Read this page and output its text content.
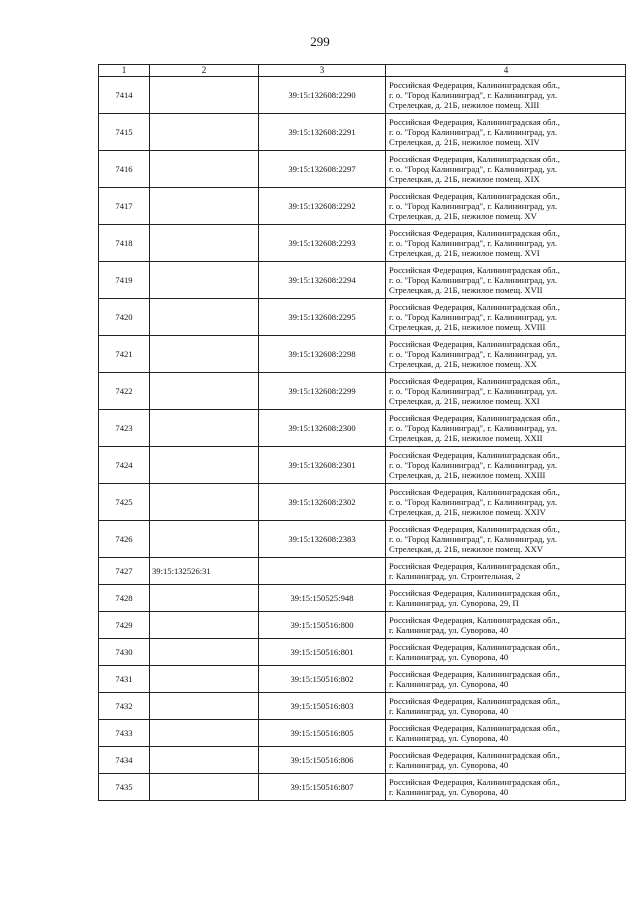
299
1	2	3	4
7414		39:15:132608:2290	Российская Федерация, Калининградская обл.,
г. о. "Город Калининград", г. Калининград, ул.
Стрелецкая, д. 21Б, нежилое помещ. XIII
7415		39:15:132608:2291	Российская Федерация, Калининградская обл.,
г. о. "Город Калининград", г. Калининград, ул.
Стрелецкая, д. 21Б, нежилое помещ. XIV
7416		39:15:132608:2297	Российская Федерация, Калининградская обл.,
г. о. "Город Калининград", г. Калининград, ул.
Стрелецкая, д. 21Б, нежилое помещ. XIX
7417		39:15:132608:2292	Российская Федерация, Калининградская обл.,
г. о. "Город Калининград", г. Калининград, ул.
Стрелецкая, д. 21Б, нежилое помещ. XV
7418		39:15:132608:2293	Российская Федерация, Калининградская обл.,
г. о. "Город Калининград", г. Калининград, ул.
Стрелецкая, д. 21Б, нежилое помещ. XVI
7419		39:15:132608:2294	Российская Федерация, Калининградская обл.,
г. о. "Город Калининград", г. Калининград, ул.
Стрелецкая, д. 21Б, нежилое помещ. XVII
7420		39:15:132608:2295	Российская Федерация, Калининградская обл.,
г. о. "Город Калининград", г. Калининград, ул.
Стрелецкая, д. 21Б, нежилое помещ. XVIII
7421		39:15:132608:2298	Российская Федерация, Калининградская обл.,
г. о. "Город Калининград", г. Калининград, ул.
Стрелецкая, д. 21Б, нежилое помещ. XX
7422		39:15:132608:2299	Российская Федерация, Калининградская обл.,
г. о. "Город Калининград", г. Калининград, ул.
Стрелецкая, д. 21Б, нежилое помещ. XXI
7423		39:15:132608:2300	Российская Федерация, Калининградская обл.,
г. о. "Город Калининград", г. Калининград, ул.
Стрелецкая, д. 21Б, нежилое помещ. XXII
7424		39:15:132608:2301	Российская Федерация, Калининградская обл.,
г. о. "Город Калининград", г. Калининград, ул.
Стрелецкая, д. 21Б, нежилое помещ. XXIII
7425		39:15:132608:2302	Российская Федерация, Калининградская обл.,
г. о. "Город Калининград", г. Калининград, ул.
Стрелецкая, д. 21Б, нежилое помещ. XXIV
7426		39:15:132608:2383	Российская Федерация, Калининградская обл.,
г. о. "Город Калининград", г. Калининград, ул.
Стрелецкая, д. 21Б, нежилое помещ. XXV
7427	39:15:132526:31		Российская Федерация, Калининградская обл.,
г. Калининград, ул. Строительная, 2
7428		39:15:150525:948	Российская Федерация, Калининградская обл.,
г. Калининград, ул. Суворова, 29, П
7429		39:15:150516:800	Российская Федерация, Калининградская обл.,
г. Калининград, ул. Суворова, 40
7430		39:15:150516:801	Российская Федерация, Калининградская обл.,
г. Калининград, ул. Суворова, 40
7431		39:15:150516:802	Российская Федерация, Калининградская обл.,
г. Калининград, ул. Суворова, 40
7432		39:15:150516:803	Российская Федерация, Калининградская обл.,
г. Калининград, ул. Суворова, 40
7433		39:15:150516:805	Российская Федерация, Калининградская обл.,
г. Калининград, ул. Суворова, 40
7434		39:15:150516:806	Российская Федерация, Калининградская обл.,
г. Калининград, ул. Суворова, 40
7435		39:15:150516:807	Российская Федерация, Калининградская обл.,
г. Калининград, ул. Суворова, 40
